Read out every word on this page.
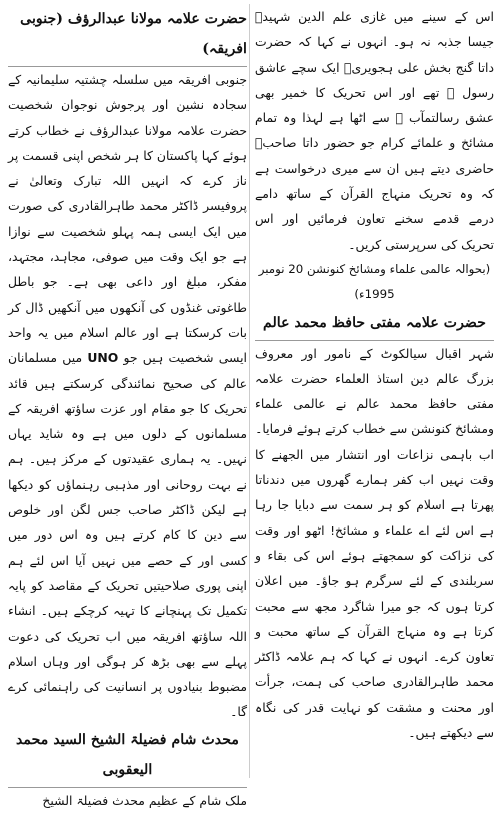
اس کے سینے میں غازی علم الدین شہیدؒ جیسا جذبہ نہ ہو۔ انہوں نے کہا کہ حضرت داتا گنج بخش علی ہجویریؒ ایک سچے عاشق رسول ﷺ تھے اور اس تحریک کا خمیر بھی عشق رسالتمآب ﷺ سے اٹھا ہے لہذا وہ تمام مشائخ و علمائے کرام جو حضور داتا صاحبؒ حاضری دیتے ہیں ان سے میری درخواست ہے کہ وہ تحریک منہاج القرآن کے ساتھ دامے درمے قدمے سخنے تعاون فرمائیں اور اس تحریک کی سرپرستی کریں۔

(بحوالہ عالمی علماء ومشائخ کنونشن 20 نومبر 1995ء)

حضرت علامہ مفتی حافظ محمد عالم

شہر اقبال سیالکوٹ کے نامور اور معروف بزرگ عالم دین استاذ العلماء حضرت علامہ مفتی حافظ محمد عالم نے عالمی علماء ومشائخ کنونشن سے خطاب کرتے ہوئے فرمایا۔

اب باہمی نزاعات اور انتشار میں الجھنے کا وقت نہیں اب کفر ہمارے گھروں میں دندناتا پھرتا ہے اسلام کو ہر سمت سے دبایا جا رہا ہے اس لئے اے علماء و مشائخ! اٹھو اور وقت کی نزاکت کو سمجھتے ہوئے اس کی بقاء و سربلندی کے لئے سرگرم ہو جاؤ۔ میں اعلان کرتا ہوں کہ جو میرا شاگرد مجھ سے محبت کرتا ہے وہ منہاج القرآن کے ساتھ محبت و تعاون کرے۔ انہوں نے کہا کہ ہم علامہ ڈاکٹر محمد طاہرالقادری صاحب کی ہمت، جرأت اور محنت و مشقت کو نہایت قدر کی نگاہ سے دیکھتے ہیں۔

حضرت علامہ مولانا عبدالرؤف (جنوبی افریقہ)

جنوبی افریقہ میں سلسلہ چشتیہ سلیمانیہ کے سجادہ نشین اور پرجوش نوجوان شخصیت حضرت علامہ مولانا عبدالرؤف نے خطاب کرتے ہوئے کہا پاکستان کا ہر شخص اپنی قسمت پر ناز کرے کہ انہیں اللہ تبارک وتعالیٰ نے پروفیسر ڈاکٹر محمد طاہرالقادری کی صورت میں ایک ایسی ہمہ پہلو شخصیت سے نوازا ہے جو ایک وقت میں صوفی، مجاہد، مجتہد، مفکر، مبلغ اور داعی بھی ہے۔ جو باطل طاغوتی غنڈوں کی آنکھوں میں آنکھیں ڈال کر بات کرسکتا ہے اور عالم اسلام میں یہ واحد ایسی شخصیت ہیں جو UNO میں مسلمانان عالم کی صحیح نمائندگی کرسکتے ہیں قائد تحریک کا جو مقام اور عزت ساؤتھ افریقہ کے مسلمانوں کے دلوں میں ہے وہ شاید یہاں نہیں۔ یہ ہماری عقیدتوں کے مرکز ہیں۔ ہم نے بہت روحانی اور مذہبی رہنماؤں کو دیکھا ہے لیکن ڈاکٹر صاحب جس لگن اور خلوص سے دین کا کام کرتے ہیں وہ اس دور میں کسی اور کے حصے میں نہیں آیا اس لئے ہم اپنی پوری صلاحیتیں تحریک کے مقاصد کو پایہ تکمیل تک پہنچانے کا تہیہ کرچکے ہیں۔ انشاء اللہ ساؤتھ افریقہ میں اب تحریک کی دعوت پہلے سے بھی بڑھ کر ہوگی اور وہاں اسلام مضبوط بنیادوں پر انسانیت کی راہنمائی کرے گا۔

محدث شام فضیلۃ الشیخ السید محمد الیعقوبی

ملک شام کے عظیم محدث فضیلۃ الشیخ
